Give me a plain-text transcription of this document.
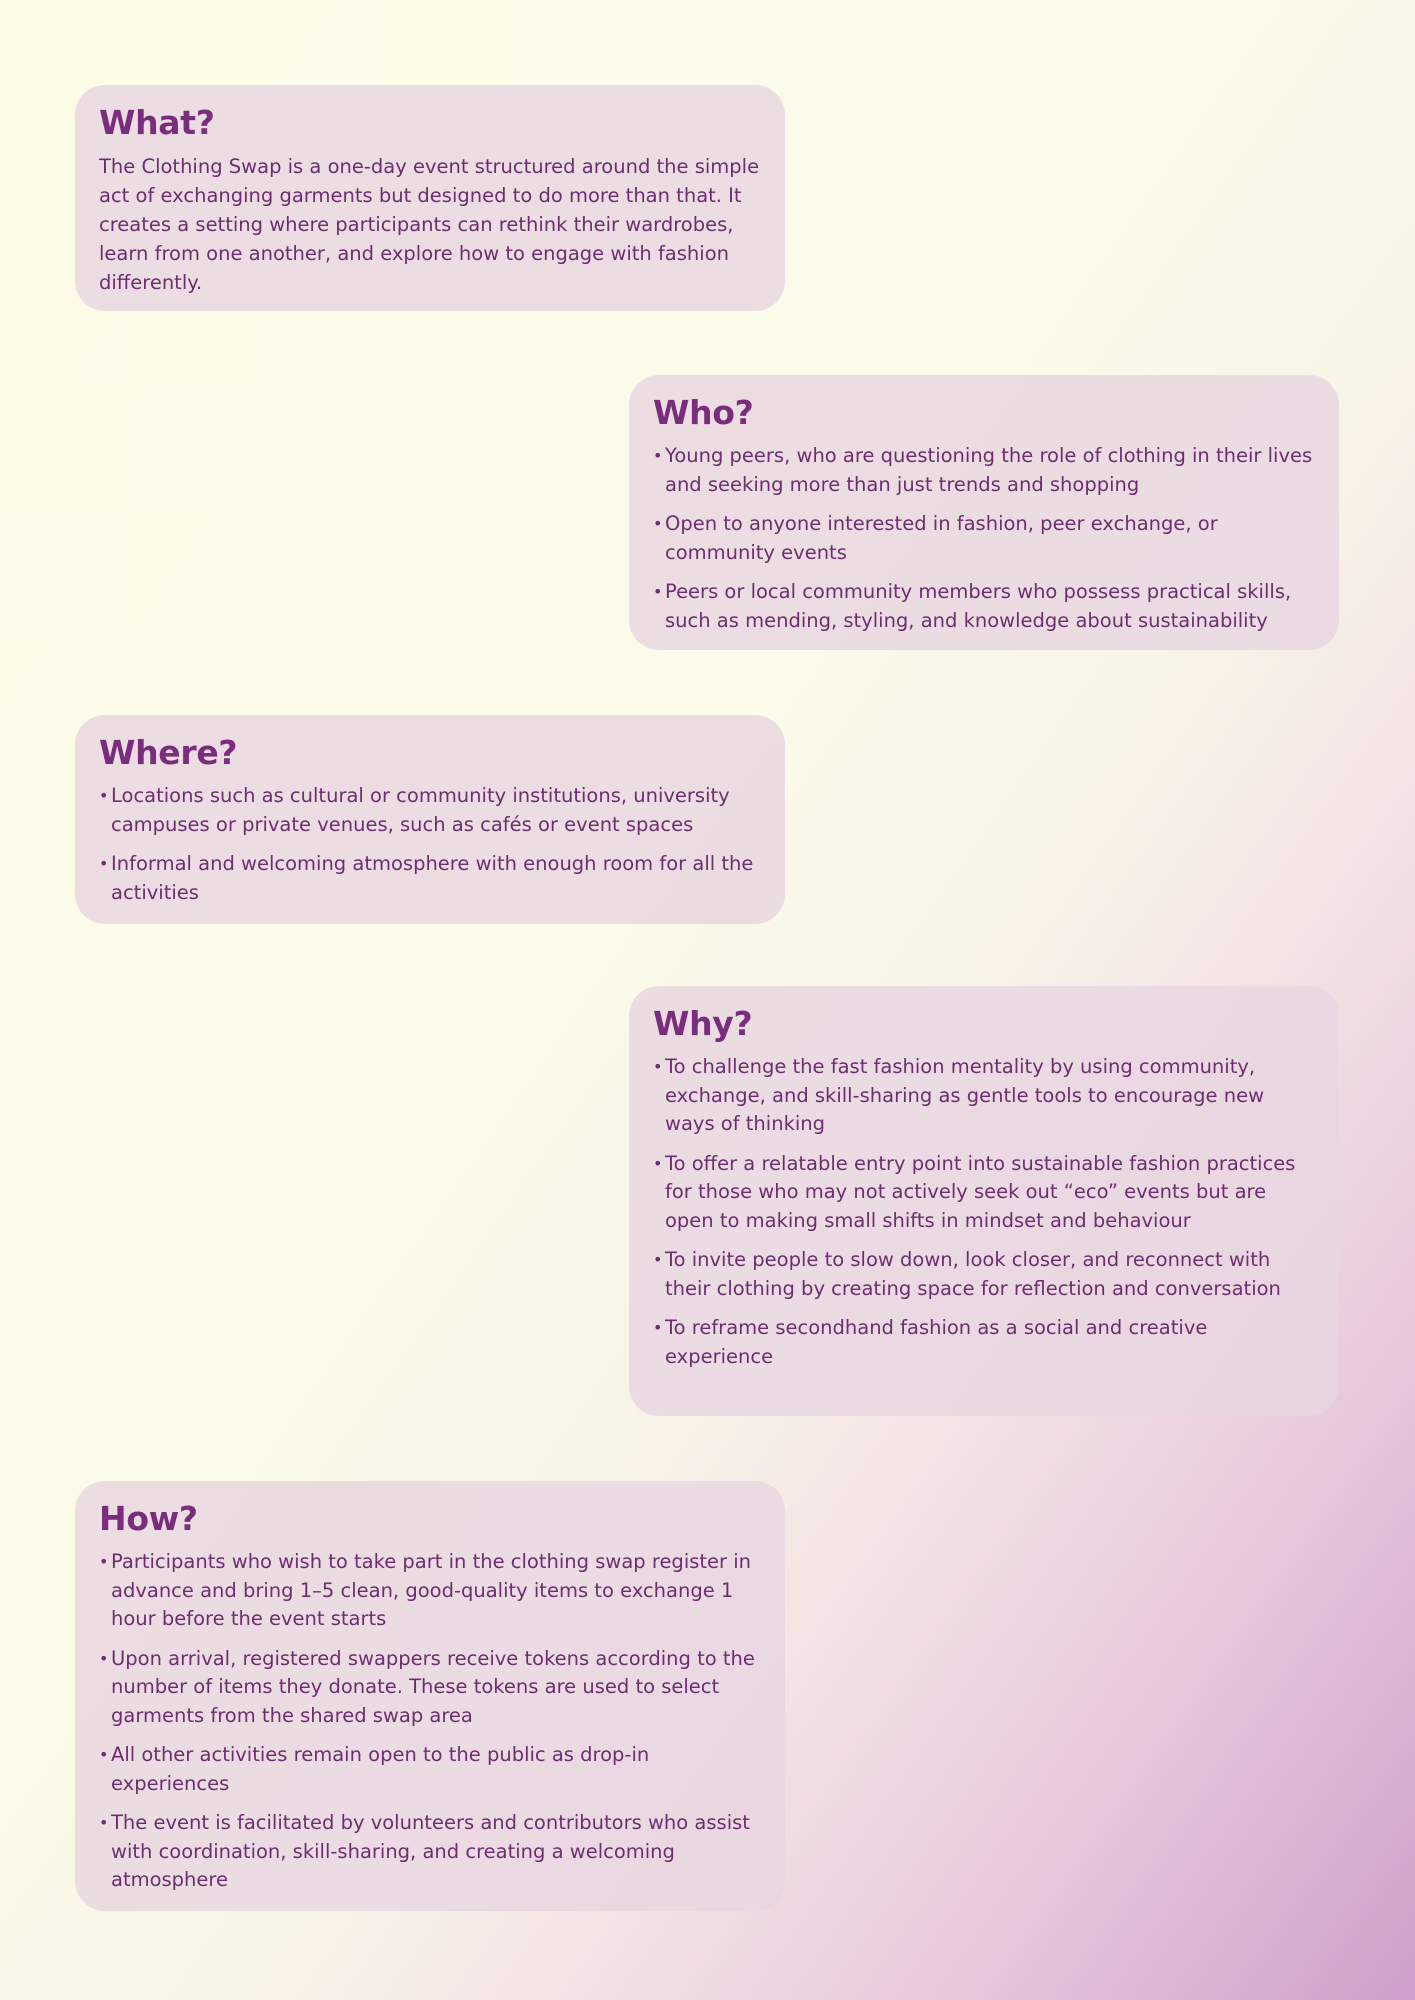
What?

The Clothing Swap is a one-day event structured around the simple act of exchanging garments but designed to do more than that. It creates a setting where participants can rethink their wardrobes, learn from one another, and explore how to engage with fashion differently.

Who?
• Young peers, who are questioning the role of clothing in their lives and seeking more than just trends and shopping
• Open to anyone interested in fashion, peer exchange, or community events
• Peers or local community members who possess practical skills, such as mending, styling, and knowledge about sustainability
Where?
• Locations such as cultural or community institutions, university campuses or private venues, such as cafés or event spaces
• Informal and welcoming atmosphere with enough room for all the activities
Why?
• To challenge the fast fashion mentality by using community, exchange, and skill-sharing as gentle tools to encourage new ways of thinking
• To offer a relatable entry point into sustainable fashion practices for those who may not actively seek out “eco” events but are open to making small shifts in mindset and behaviour
• To invite people to slow down, look closer, and reconnect with their clothing by creating space for reflection and conversation
• To reframe secondhand fashion as a social and creative experience
How?
• Participants who wish to take part in the clothing swap register in advance and bring 1–5 clean, good-quality items to exchange 1 hour before the event starts
• Upon arrival, registered swappers receive tokens according to the number of items they donate. These tokens are used to select garments from the shared swap area
• All other activities remain open to the public as drop-in experiences
• The event is facilitated by volunteers and contributors who assist with coordination, skill-sharing, and creating a welcoming atmosphere
